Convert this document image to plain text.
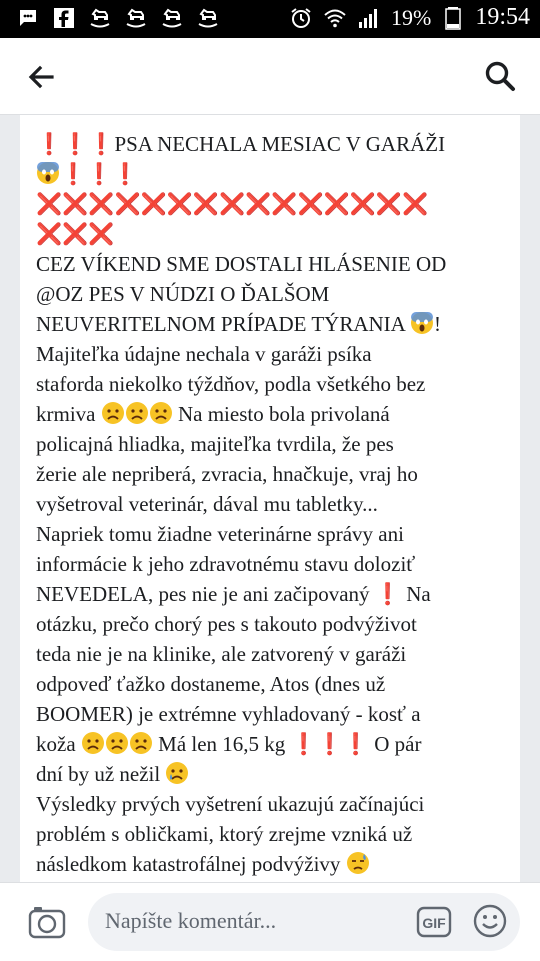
19% 19:54
❗❗❗PSA NECHALA MESIAC V GARÁŽI
❗❗❗
❌❌❌❌❌❌❌❌❌❌❌❌❌❌❌
❌❌❌
CEZ VÍKEND SME DOSTALI HLÁSENIE OD
@OZ PES V NÚDZI O ĎALŠOM
NEUVERITELNOM PRÍPADE TÝRANIA !
Majiteľka údajne nechala v garáži psíka
staforda niekolko týždňov, podla všetkého bez
krmiva	Na miesto bola privolaná
policajná hliadka, majiteľka tvrdila, že pes
žerie ale nepriberá, zvracia, hnačkuje, vraj ho
vyšetroval veterinár, dával mu tabletky...
Napriek tomu žiadne veterinárne správy ani
informácie k jeho zdravotnému stavu doloziť
NEVEDELA, pes nie je ani začipovaný ❗ Na
otázku, prečo chorý pes s takouto podvýživot
teda nie je na klinike, ale zatvorený v garáži
odpoveď ťažko dostaneme, Atos (dnes už
BOOMER) je extrémne vyhladovaný - kosť a
koža	Má len 16,5 kg ❗❗❗ O pár
dní by už nežil
Výsledky prvých vyšetrení ukazujú začínajúci
problém s obličkami, ktorý zrejme vzniká už
následkom katastrofálnej podvýživy
Napíšte komentár...	GIF
